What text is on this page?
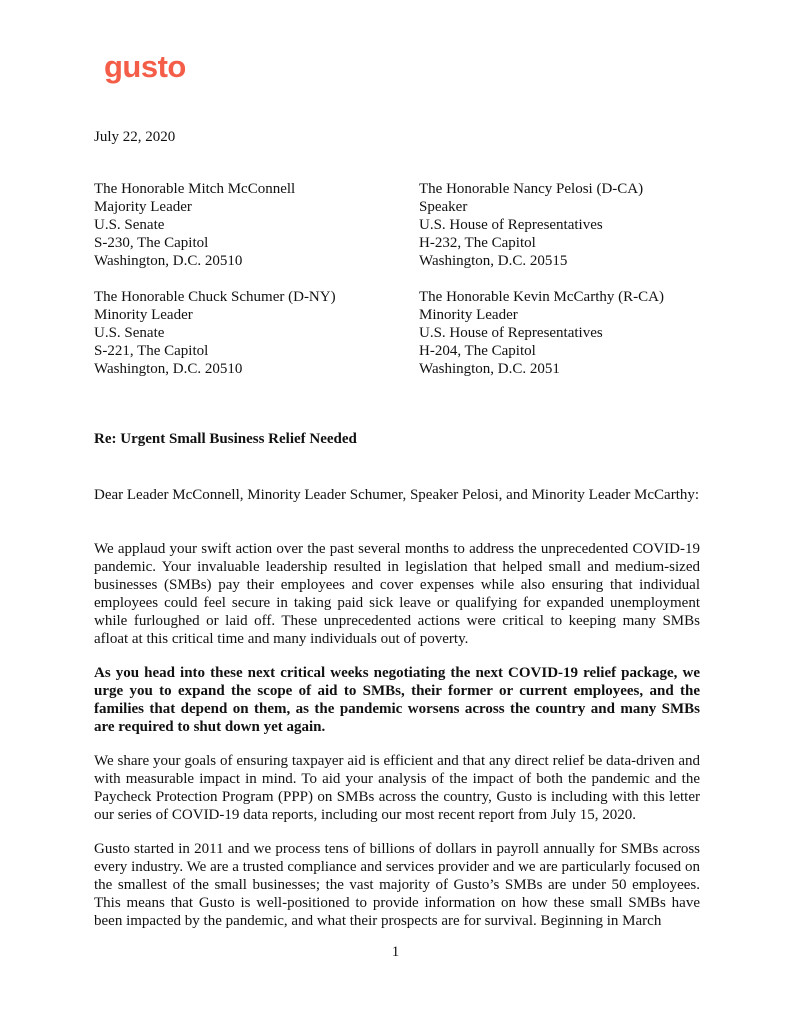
gusto
July 22, 2020
The Honorable Mitch McConnell
Majority Leader
U.S. Senate
S-230, The Capitol
Washington, D.C. 20510
The Honorable Nancy Pelosi (D-CA)
Speaker
U.S. House of Representatives
H-232, The Capitol
Washington, D.C. 20515
The Honorable Chuck Schumer (D-NY)
Minority Leader
U.S. Senate
S-221, The Capitol
Washington, D.C. 20510
The Honorable Kevin McCarthy (R-CA)
Minority Leader
U.S. House of Representatives
H-204, The Capitol
Washington, D.C. 2051
Re: Urgent Small Business Relief Needed
Dear Leader McConnell, Minority Leader Schumer, Speaker Pelosi, and Minority Leader McCarthy:
We applaud your swift action over the past several months to address the unprecedented COVID-19 pandemic. Your invaluable leadership resulted in legislation that helped small and medium-sized businesses (SMBs) pay their employees and cover expenses while also ensuring that individual employees could feel secure in taking paid sick leave or qualifying for expanded unemployment while furloughed or laid off. These unprecedented actions were critical to keeping many SMBs afloat at this critical time and many individuals out of poverty.
As you head into these next critical weeks negotiating the next COVID-19 relief package, we urge you to expand the scope of aid to SMBs, their former or current employees, and the families that depend on them, as the pandemic worsens across the country and many SMBs are required to shut down yet again.
We share your goals of ensuring taxpayer aid is efficient and that any direct relief be data-driven and with measurable impact in mind. To aid your analysis of the impact of both the pandemic and the Paycheck Protection Program (PPP) on SMBs across the country, Gusto is including with this letter our series of COVID-19 data reports, including our most recent report from July 15, 2020.
Gusto started in 2011 and we process tens of billions of dollars in payroll annually for SMBs across every industry. We are a trusted compliance and services provider and we are particularly focused on the smallest of the small businesses; the vast majority of Gusto’s SMBs are under 50 employees. This means that Gusto is well-positioned to provide information on how these small SMBs have been impacted by the pandemic, and what their prospects are for survival. Beginning in March
1
